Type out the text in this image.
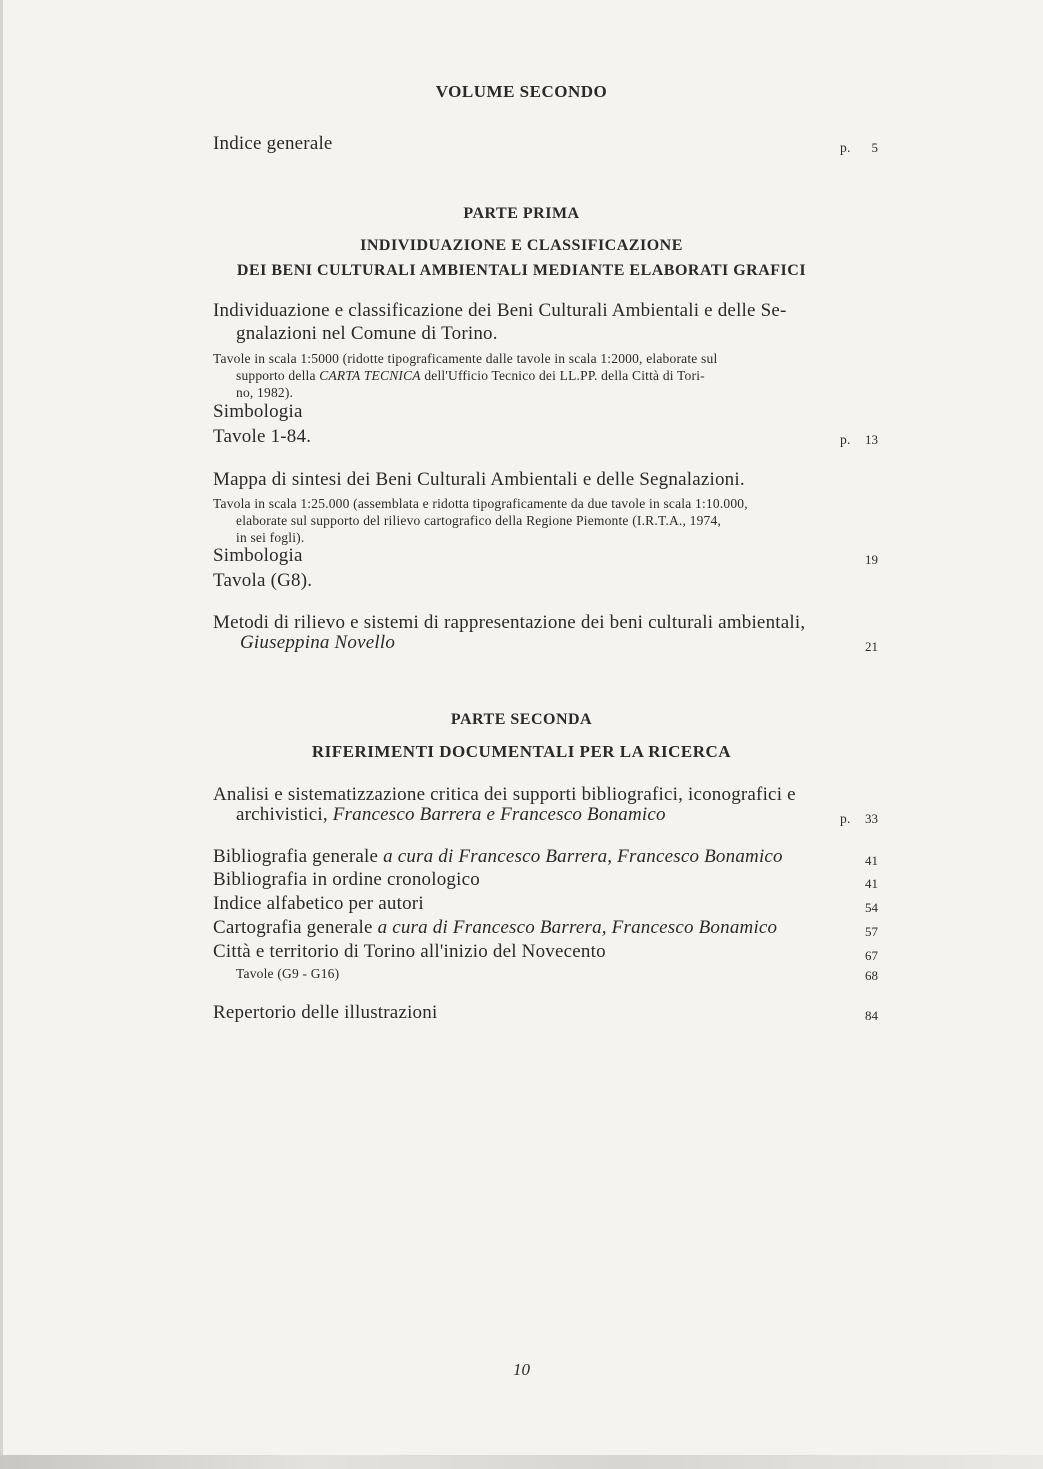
VOLUME SECONDO
Indice generale	p.	5
PARTE PRIMA
INDIVIDUAZIONE E CLASSIFICAZIONE
DEI BENI CULTURALI AMBIENTALI MEDIANTE ELABORATI GRAFICI
Individuazione e classificazione dei Beni Culturali Ambientali e delle Se-
gnalazioni nel Comune di Torino.
Tavole in scala 1:5000 (ridotte tipograficamente dalle tavole in scala 1:2000, elaborate sul
supporto della CARTA TECNICA dell'Ufficio Tecnico dei LL.PP. della Città di Tori-
no, 1982).
Simbologia
Tavole 1-84.	p.	13
Mappa di sintesi dei Beni Culturali Ambientali e delle Segnalazioni.
Tavola in scala 1:25.000 (assemblata e ridotta tipograficamente da due tavole in scala 1:10.000,
elaborate sul supporto del rilievo cartografico della Regione Piemonte (I.R.T.A., 1974,
in sei fogli).
Simbologia	19
Tavola (G8).
Metodi di rilievo e sistemi di rappresentazione dei beni culturali ambientali,
Giuseppina Novello	21
PARTE SECONDA
RIFERIMENTI DOCUMENTALI PER LA RICERCA
Analisi e sistematizzazione critica dei supporti bibliografici, iconografici e
archivistici, Francesco Barrera e Francesco Bonamico	p.	33
Bibliografia generale a cura di Francesco Barrera, Francesco Bonamico	41
Bibliografia in ordine cronologico	41
Indice alfabetico per autori	54
Cartografia generale a cura di Francesco Barrera, Francesco Bonamico	57
Città e territorio di Torino all'inizio del Novecento	67
Tavole (G9 - G16)	68
Repertorio delle illustrazioni	84
10
